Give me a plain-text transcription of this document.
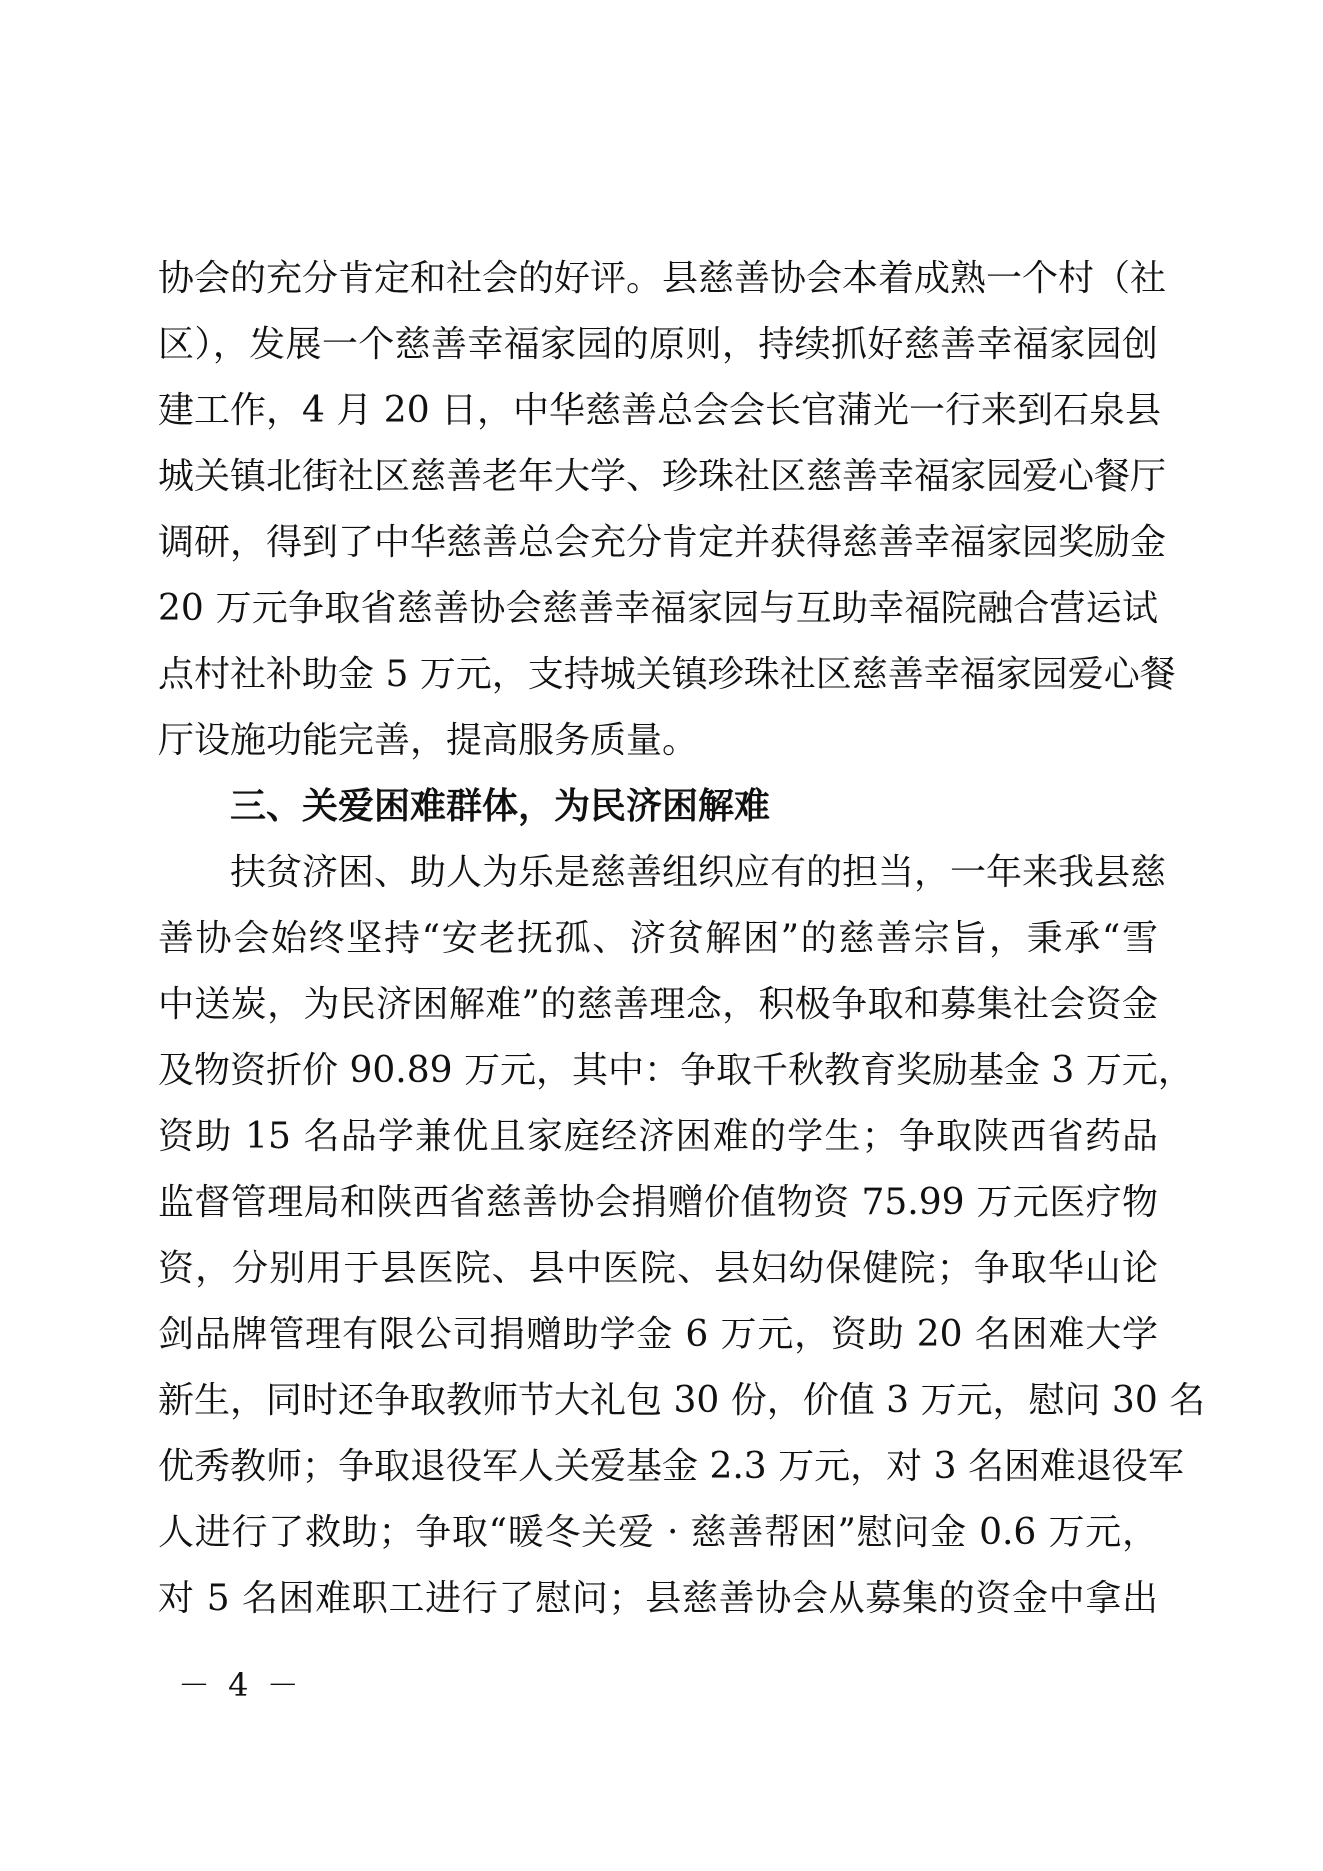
协会的充分肯定和社会的好评。县慈善协会本着成熟一个村（社
区），发展一个慈善幸福家园的原则，持续抓好慈善幸福家园创
建工作，4 月 20 日，中华慈善总会会长官蒲光一行来到石泉县
城关镇北街社区慈善老年大学、珍珠社区慈善幸福家园爱心餐厅
调研，得到了中华慈善总会充分肯定并获得慈善幸福家园奖励金
20 万元争取省慈善协会慈善幸福家园与互助幸福院融合营运试
点村社补助金 5 万元，支持城关镇珍珠社区慈善幸福家园爱心餐
厅设施功能完善，提高服务质量。
三、关爱困难群体，为民济困解难
扶贫济困、助人为乐是慈善组织应有的担当，一年来我县慈
善协会始终坚持“安老抚孤、济贫解困”的慈善宗旨，秉承“雪
中送炭，为民济困解难”的慈善理念，积极争取和募集社会资金
及物资折价 90.89 万元，其中：争取千秋教育奖励基金 3 万元，
资助 15 名品学兼优且家庭经济困难的学生；争取陕西省药品
监督管理局和陕西省慈善协会捐赠价值物资 75.99 万元医疗物
资，分别用于县医院、县中医院、县妇幼保健院；争取华山论
剑品牌管理有限公司捐赠助学金 6 万元，资助 20 名困难大学
新生，同时还争取教师节大礼包 30 份，价值 3 万元，慰问 30 名
优秀教师；争取退役军人关爱基金 2.3 万元，对 3 名困难退役军
人进行了救助；争取“暖冬关爱 · 慈善帮困”慰问金 0.6 万元，
对 5 名困难职工进行了慰问；县慈善协会从募集的资金中拿出
－ 4 －
